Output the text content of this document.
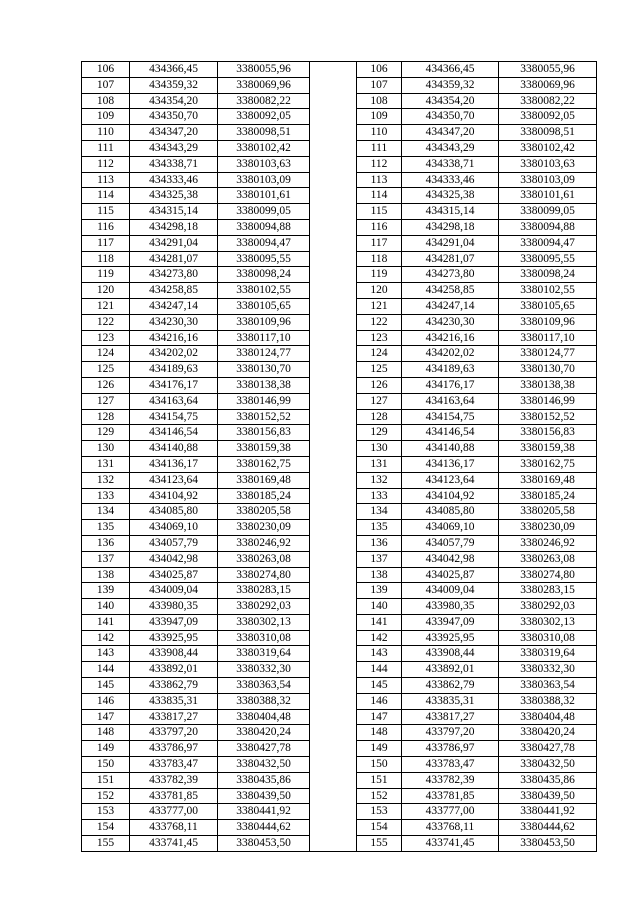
106	434366,45	3380055,96		106	434366,45	3380055,96
107	434359,32	3380069,96		107	434359,32	3380069,96
108	434354,20	3380082,22		108	434354,20	3380082,22
109	434350,70	3380092,05		109	434350,70	3380092,05
110	434347,20	3380098,51		110	434347,20	3380098,51
111	434343,29	3380102,42		111	434343,29	3380102,42
112	434338,71	3380103,63		112	434338,71	3380103,63
113	434333,46	3380103,09		113	434333,46	3380103,09
114	434325,38	3380101,61		114	434325,38	3380101,61
115	434315,14	3380099,05		115	434315,14	3380099,05
116	434298,18	3380094,88		116	434298,18	3380094,88
117	434291,04	3380094,47		117	434291,04	3380094,47
118	434281,07	3380095,55		118	434281,07	3380095,55
119	434273,80	3380098,24		119	434273,80	3380098,24
120	434258,85	3380102,55		120	434258,85	3380102,55
121	434247,14	3380105,65		121	434247,14	3380105,65
122	434230,30	3380109,96		122	434230,30	3380109,96
123	434216,16	3380117,10		123	434216,16	3380117,10
124	434202,02	3380124,77		124	434202,02	3380124,77
125	434189,63	3380130,70		125	434189,63	3380130,70
126	434176,17	3380138,38		126	434176,17	3380138,38
127	434163,64	3380146,99		127	434163,64	3380146,99
128	434154,75	3380152,52		128	434154,75	3380152,52
129	434146,54	3380156,83		129	434146,54	3380156,83
130	434140,88	3380159,38		130	434140,88	3380159,38
131	434136,17	3380162,75		131	434136,17	3380162,75
132	434123,64	3380169,48		132	434123,64	3380169,48
133	434104,92	3380185,24		133	434104,92	3380185,24
134	434085,80	3380205,58		134	434085,80	3380205,58
135	434069,10	3380230,09		135	434069,10	3380230,09
136	434057,79	3380246,92		136	434057,79	3380246,92
137	434042,98	3380263,08		137	434042,98	3380263,08
138	434025,87	3380274,80		138	434025,87	3380274,80
139	434009,04	3380283,15		139	434009,04	3380283,15
140	433980,35	3380292,03		140	433980,35	3380292,03
141	433947,09	3380302,13		141	433947,09	3380302,13
142	433925,95	3380310,08		142	433925,95	3380310,08
143	433908,44	3380319,64		143	433908,44	3380319,64
144	433892,01	3380332,30		144	433892,01	3380332,30
145	433862,79	3380363,54		145	433862,79	3380363,54
146	433835,31	3380388,32		146	433835,31	3380388,32
147	433817,27	3380404,48		147	433817,27	3380404,48
148	433797,20	3380420,24		148	433797,20	3380420,24
149	433786,97	3380427,78		149	433786,97	3380427,78
150	433783,47	3380432,50		150	433783,47	3380432,50
151	433782,39	3380435,86		151	433782,39	3380435,86
152	433781,85	3380439,50		152	433781,85	3380439,50
153	433777,00	3380441,92		153	433777,00	3380441,92
154	433768,11	3380444,62		154	433768,11	3380444,62
155	433741,45	3380453,50		155	433741,45	3380453,50
